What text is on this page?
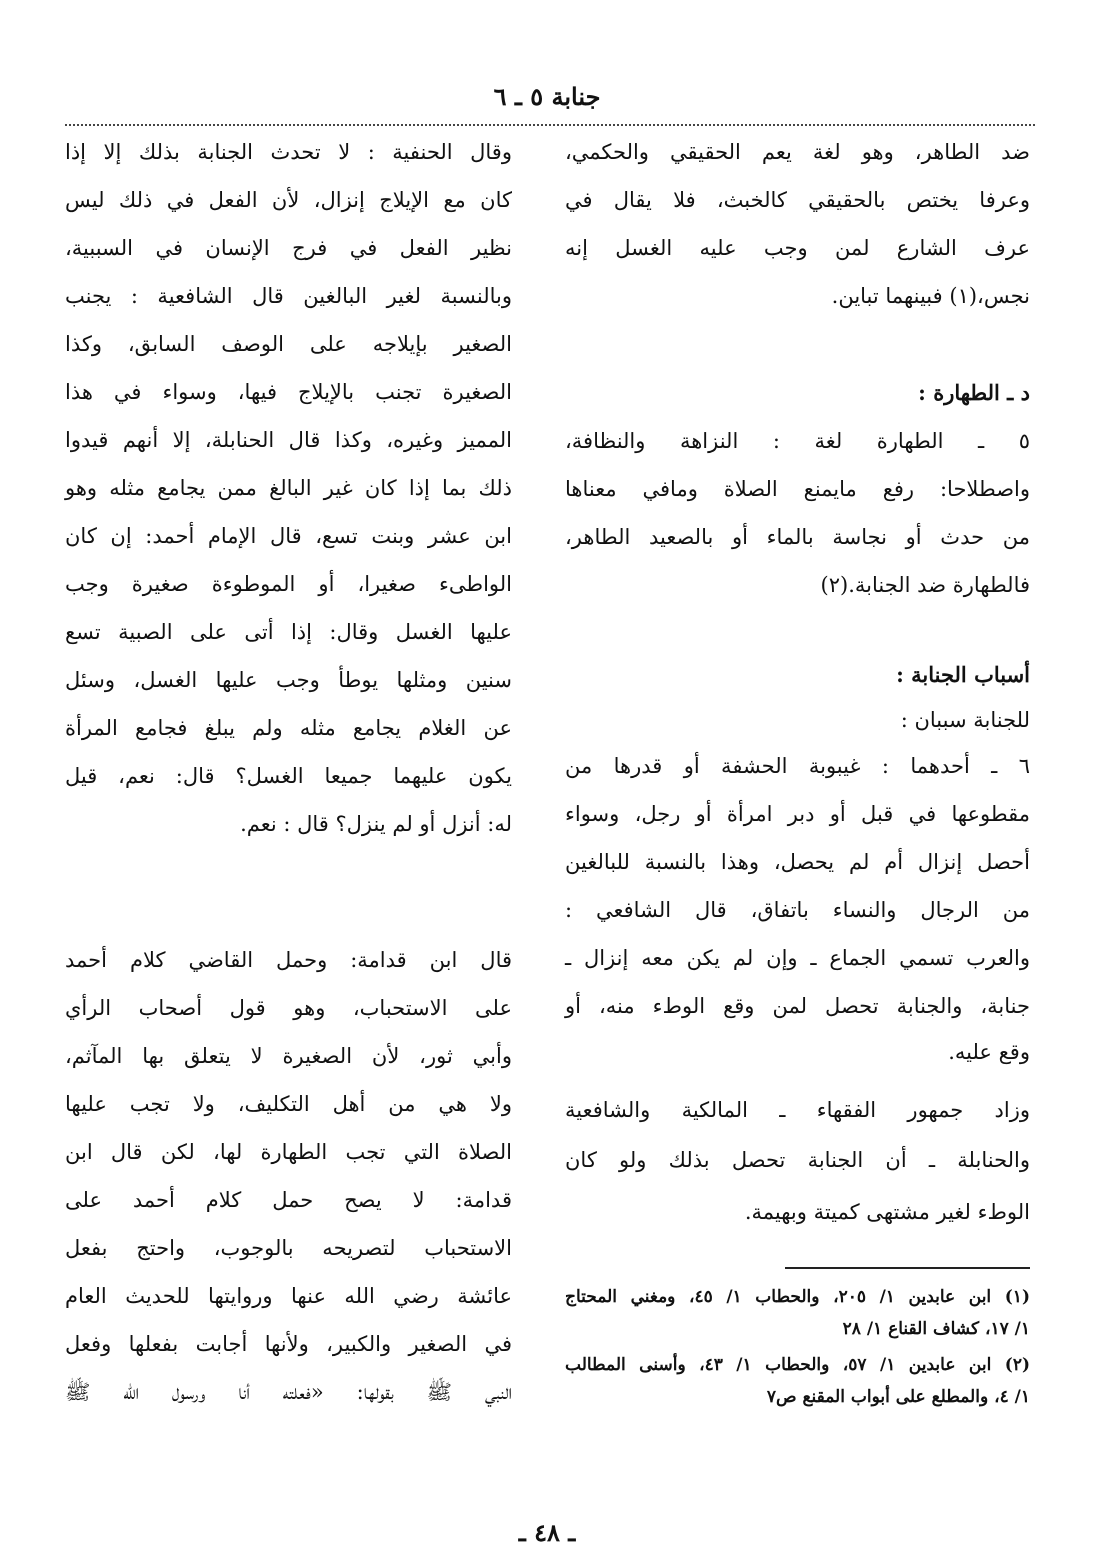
جنابة ٥ ـ ٦
ضد الطاهر، وهو لغة يعم الحقيقي والحكمي،
وعرفا يختص بالحقيقي كالخبث، فلا يقال في
عرف الشارع لمن وجب عليه الغسل إنه
نجس،(١) فبينهما تباين.
د ـ الطهارة :
٥ ـ الطهارة لغة : النزاهة والنظافة،
واصطلاحا: رفع مايمنع الصلاة ومافي معناها
من حدث أو نجاسة بالماء أو بالصعيد الطاهر،
فالطهارة ضد الجنابة.(٢)
أسباب الجنابة :
للجنابة سببان :
٦ ـ أحدهما : غيبوبة الحشفة أو قدرها من
مقطوعها في قبل أو دبر امرأة أو رجل، وسواء
أحصل إنزال أم لم يحصل، وهذا بالنسبة للبالغين
من الرجال والنساء باتفاق، قال الشافعي :
والعرب تسمي الجماع ـ وإن لم يكن معه إنزال ـ
جنابة، والجنابة تحصل لمن وقع الوطء منه، أو
وقع عليه.
وزاد جمهور الفقهاء ـ المالكية والشافعية
والحنابلة ـ أن الجنابة تحصل بذلك ولو كان
الوطء لغير مشتهى كميتة وبهيمة.
وقال الحنفية : لا تحدث الجنابة بذلك إلا إذا
كان مع الإيلاج إنزال، لأن الفعل في ذلك ليس
نظير الفعل في فرج الإنسان في السببية،
وبالنسبة لغير البالغين قال الشافعية : يجنب
الصغير بإيلاجه على الوصف السابق، وكذا
الصغيرة تجنب بالإيلاج فيها، وسواء في هذا
المميز وغيره، وكذا قال الحنابلة، إلا أنهم قيدوا
ذلك بما إذا كان غير البالغ ممن يجامع مثله وهو
ابن عشر وبنت تسع، قال الإمام أحمد: إن كان
الواطىء صغيرا، أو الموطوءة صغيرة وجب
عليها الغسل وقال: إذا أتى على الصبية تسع
سنين ومثلها يوطأ وجب عليها الغسل، وسئل
عن الغلام يجامع مثله ولم يبلغ فجامع المرأة
يكون عليهما جميعا الغسل؟ قال: نعم، قيل
له: أنزل أو لم ينزل؟ قال : نعم.
قال ابن قدامة: وحمل القاضي كلام أحمد
على الاستحباب، وهو قول أصحاب الرأي
وأبي ثور، لأن الصغيرة لا يتعلق بها المآثم،
ولا هي من أهل التكليف، ولا تجب عليها
الصلاة التي تجب الطهارة لها، لكن قال ابن
قدامة: لا يصح حمل كلام أحمد على
الاستحباب لتصريحه بالوجوب، واحتج بفعل
عائشة رضي الله عنها وروايتها للحديث العام
في الصغير والكبير، ولأنها أجابت بفعلها وفعل
النبي ﷺ بقولها: «فعلته أنا ورسول الله ﷺ
(١) ابن عابدين ١/ ٢٠٥، والحطاب ١/ ٤٥، ومغني المحتاج
١/ ١٧، كشاف القناع ١/ ٢٨
(٢) ابن عابدين ١/ ٥٧، والحطاب ١/ ٤٣، وأسنى المطالب
١/ ٤، والمطلع على أبواب المقنع ص٧
ـ ٤٨ ـ
